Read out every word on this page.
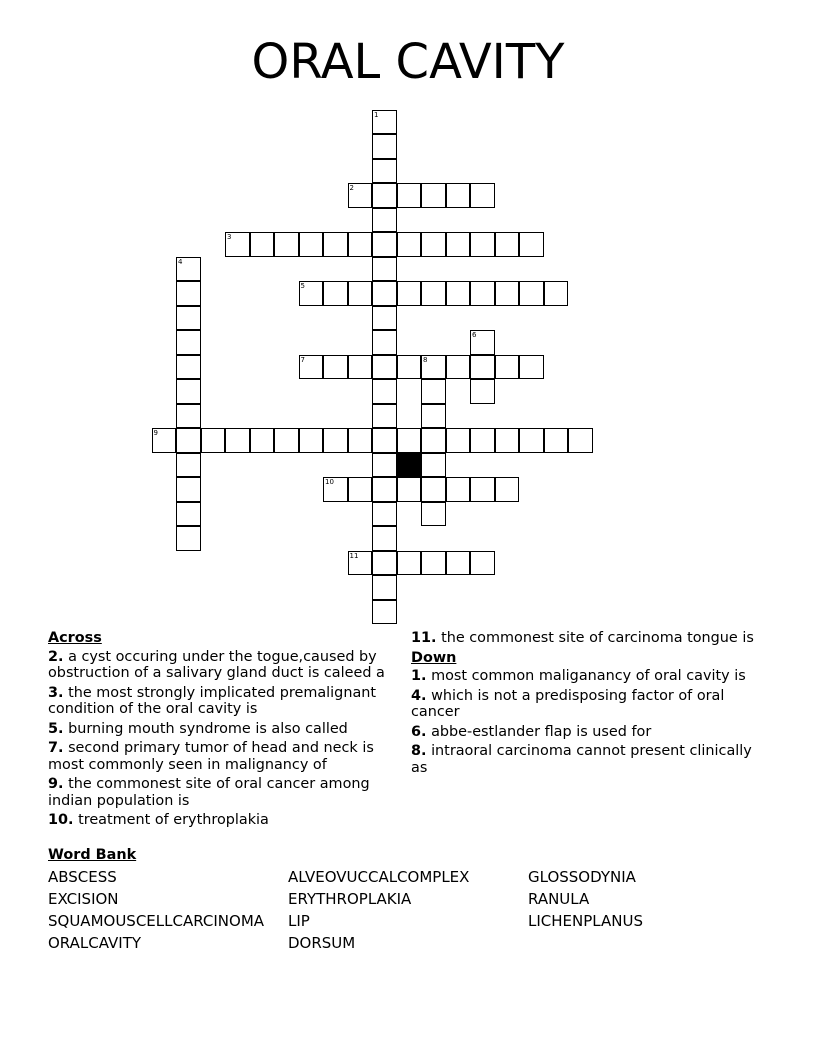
ORAL CAVITY
1
2
3
4
5
6
7	8
9
10
11
Across
2. a cyst occuring under the togue,caused by obstruction of a salivary gland duct is caleed a
3. the most strongly implicated premalignant condition of the oral cavity is
5. burning mouth syndrome is also called
7. second primary tumor of head and neck is most commonly seen in malignancy of
9. the commonest site of oral cancer among indian population is
10. treatment of erythroplakia
11. the commonest site of carcinoma tongue is
Down
1. most common maliganancy of oral cavity is
4. which is not a predisposing factor of oral cancer
6. abbe-estlander flap is used for
8. intraoral carcinoma cannot present clinically as
Word Bank
ABSCESS	ALVEOVUCCALCOMPLEX	GLOSSODYNIA
EXCISION	ERYTHROPLAKIA	RANULA
SQUAMOUSCELLCARCINOMA	LIP	LICHENPLANUS
ORALCAVITY	DORSUM
